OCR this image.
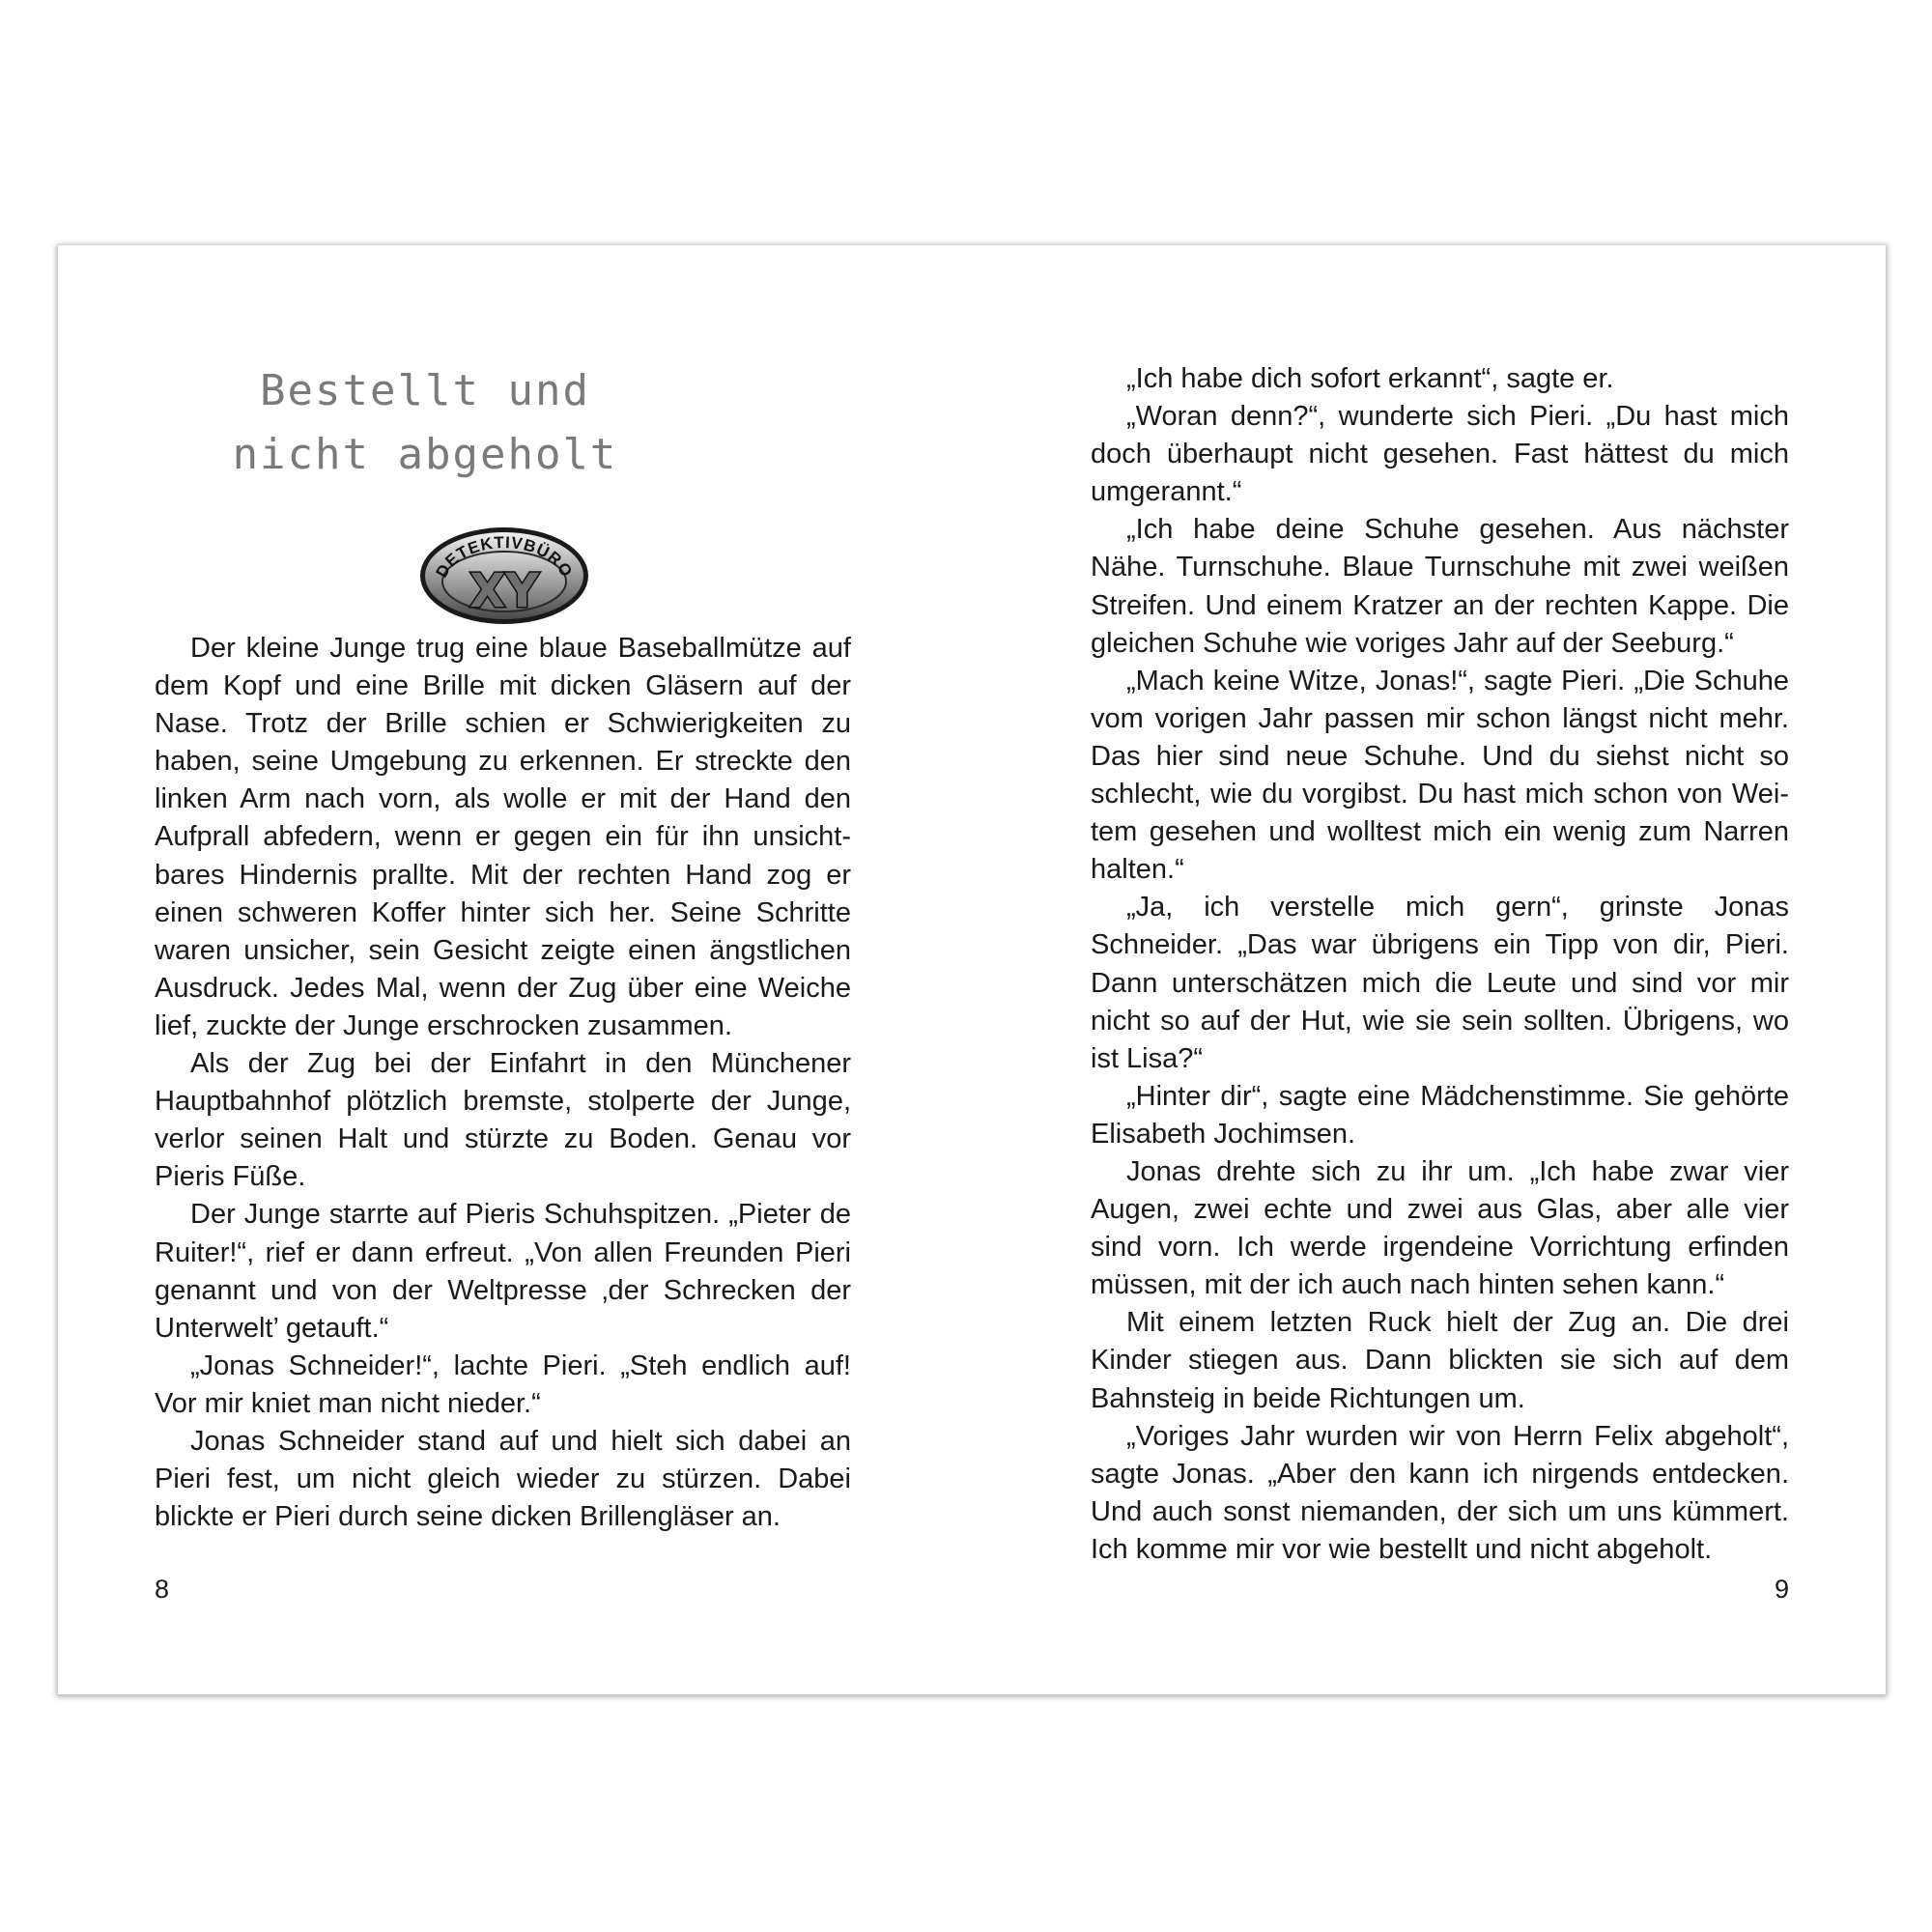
Bestellt und
nicht abgeholt
DETEKTIVBÜRO
XY

Der kleine Junge trug eine blaue Baseballmütze auf dem Kopf und eine Brille mit dicken Gläsern auf der Nase. Trotz der Brille schien er Schwierigkeiten zu haben, seine Umgebung zu erkennen. Er streckte den linken Arm nach vorn, als wolle er mit der Hand den Aufprall abfedern, wenn er gegen ein für ihn unsichtbares Hindernis prallte. Mit der rechten Hand zog er einen schweren Koffer hinter sich her. Seine Schritte waren unsicher, sein Gesicht zeigte einen ängstlichen Ausdruck. Jedes Mal, wenn der Zug über eine Weiche lief, zuckte der Junge erschrocken zusammen.

Als der Zug bei der Einfahrt in den Münchener Hauptbahnhof plötzlich bremste, stolperte der Junge, verlor seinen Halt und stürzte zu Boden. Genau vor Pieris Füße.

Der Junge starrte auf Pieris Schuhspitzen. „Pieter de Ruiter!“, rief er dann erfreut. „Von allen Freunden Pieri genannt und von der Weltpresse ‚der Schrecken der Unterwelt’ getauft.“

„Jonas Schneider!“, lachte Pieri. „Steh endlich auf! Vor mir kniet man nicht nieder.“

Jonas Schneider stand auf und hielt sich dabei an Pieri fest, um nicht gleich wieder zu stürzen. Dabei blickte er Pieri durch seine dicken Brillengläser an.

8

„Ich habe dich sofort erkannt“, sagte er.

„Woran denn?“, wunderte sich Pieri. „Du hast mich doch überhaupt nicht gesehen. Fast hättest du mich umgerannt.“

„Ich habe deine Schuhe gesehen. Aus nächster Nähe. Turnschuhe. Blaue Turnschuhe mit zwei weißen Streifen. Und einem Kratzer an der rechten Kappe. Die gleichen Schuhe wie voriges Jahr auf der Seeburg.“

„Mach keine Witze, Jonas!“, sagte Pieri. „Die Schuhe vom vorigen Jahr passen mir schon längst nicht mehr. Das hier sind neue Schuhe. Und du siehst nicht so schlecht, wie du vorgibst. Du hast mich schon von Weitem gesehen und wolltest mich ein wenig zum Narren halten.“

„Ja, ich verstelle mich gern“, grinste Jonas Schneider. „Das war übrigens ein Tipp von dir, Pieri. Dann unterschätzen mich die Leute und sind vor mir nicht so auf der Hut, wie sie sein sollten. Übrigens, wo ist Lisa?“

„Hinter dir“, sagte eine Mädchenstimme. Sie gehörte Elisabeth Jochimsen.

Jonas drehte sich zu ihr um. „Ich habe zwar vier Augen, zwei echte und zwei aus Glas, aber alle vier sind vorn. Ich werde irgendeine Vorrichtung erfinden müssen, mit der ich auch nach hinten sehen kann.“

Mit einem letzten Ruck hielt der Zug an. Die drei Kinder stiegen aus. Dann blickten sie sich auf dem Bahnsteig in beide Richtungen um.

„Voriges Jahr wurden wir von Herrn Felix abgeholt“, sagte Jonas. „Aber den kann ich nirgends entdecken. Und auch sonst niemanden, der sich um uns kümmert. Ich komme mir vor wie bestellt und nicht abgeholt.

9
